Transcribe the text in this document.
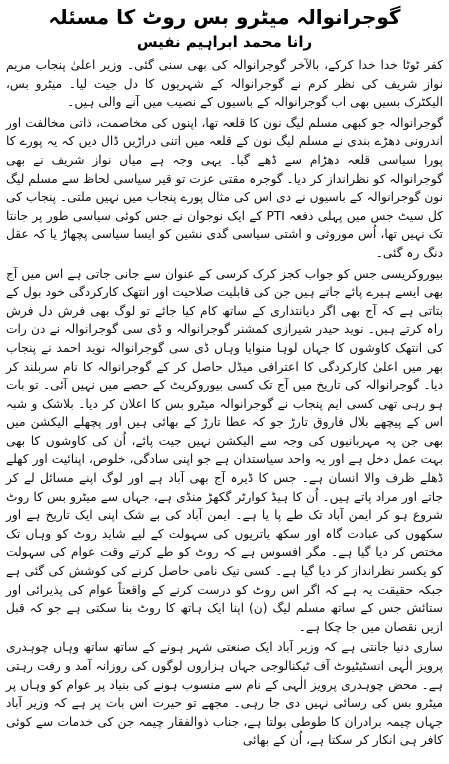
گوجرانوالہ میٹرو بس روٹ کا مسئلہ
رانا محمد ابراہیم نفیس

کفر ٹوٹا خدا خدا کرکے، بالآخر گوجرانوالہ کی بھی سنی گئی۔ وزیر اعلیٰ پنجاب مریم نواز شریف کی نظر کرم نے گوجرانوالہ کے شہریوں کا دل جیت لیا۔ میٹرو بس، الیکٹرک بسیں بھی اب گوجرانوالہ کے باسیوں کے نصیب میں آنے والی ہیں۔

گوجرانوالہ جو کبھی مسلم لیگ نون کا قلعہ تھا، اپنوں کی مخاصمت، ذاتی مخالفت اور اندرونی دھڑے بندی نے مسلم لیگ نون کے قلعہ میں اتنی دراڑیں ڈال دیں کہ یہ پورے کا پورا سیاسی قلعہ دھڑام سے ڈھے گیا۔ یہی وجہ ہے میاں نواز شریف نے بھی گوجرانوالہ کو نظرانداز کر دیا۔ گوجرہ مقتی عزت تو قیر سیاسی لحاظ سے مسلم لیگ نون گوجرانوالہ کے باسیوں نے دی اس کی مثال پورے پنجاب میں نہیں ملتی۔ پنجاب کی کل سیٹ جس میں پہلی دفعہ PTI کے ایک نوجوان نے جس کوئی سیاسی طور پر جانتا تک نہیں تھا، اُس موروثی و اشتی سیاسی گدی نشین کو ایسا سیاسی پچھاڑ یا کہ عقل دنگ رہ گئی۔

بیوروکریسی جس کو جواب کجز کرک کرسی کے عنوان سے جانی جاتی ہے اس میں آج بھی ایسے ہیرے پائے جاتے ہیں جن کی قابلیت صلاحیت اور انتھک کارکردگی خود بول کے بتاتی ہے کہ آج بھی اگر دیانتداری کے ساتھ کام کیا جائے تو لوگ بھی فرش دل فرش راہ کرتے ہیں۔ نوید حیدر شیرازی کمشنر گوجرانوالہ و ڈی سی گوجرانوالہ نے دن رات کی انتھک کاوشوں کا جہاں لوہا منوایا وہاں ڈی سی گوجرانوالہ نوید احمد نے پنجاب بھر میں اعلیٰ کارکردگی کا اعترافی میڈل حاصل کر کے گوجرانوالہ کا نام سربلند کر دیا۔ گوجرانوالہ کی تاریخ میں آج تک کسی بیوروکریٹ کے حصے میں نہیں آئی۔ تو بات ہو رہی تھی کسی ایم پنجاب نے گوجرانوالہ میٹرو بس کا اعلان کر دیا۔ بلاشک و شبہ اس کے پیچھے بلال فاروق تارڑ جو کہ عطا تارڑ کے بھائی ہیں اور پچھلے الیکشن میں بھی جن پہ مہربانیوں کی وجہ سے الیکشن نہیں جیت پائے، اُن کی کاوشوں کا بھی بہت عمل دخل ہے اور یہ واحد سیاستدان ہے جو اپنی سادگی، خلوص، اپنائیت اور کھلے ڈھلے ظرف والا انسان ہے۔ جس کا ڈیرہ آج بھی آباد ہے اور لوگ اپنے مسائل لے کر جاتے اور مراد پاتے ہیں۔ اُن کا ہیڈ کوارٹر گکھڑ منڈی ہے، جہاں سے میٹرو بس کا روٹ شروع ہو کر ایمن آباد تک طے پا یا ہے۔ ایمن آباد کی بے شک اپنی ایک تاریخ ہے اور سکھوں کی عبادت گاہ اور سکھ یاتریوں کی سہولت کے لیے شاید روٹ کو وہاں تک مختص کر دیا گیا ہے۔ مگر افسوس ہے کہ روٹ کو طے کرتے وقت عوام کی سہولت کو یکسر نظرانداز کر دیا گیا ہے۔ کسی نیک نامی حاصل کرنے کی کوشش کی گئی ہے جبکہ حقیقت یہ ہے کہ اگر اس روٹ کو درست کرنے کے واقعتاً عوام کی پذیرائی اور ستائش جس کے ساتھ مسلم لیگ (ن) اپنا ایک ہاتھ کا روٹ بنا سکتی ہے جو کہ قبل ازیں نقصان میں جا چکا ہے۔

ساری دنیا جانتی ہے کہ وزیر آباد ایک صنعتی شہر ہونے کے ساتھ ساتھ وہاں چوہدری پرویز الٰہی انسٹیٹیوٹ آف ٹیکنالوجی جہاں ہزاروں لوگوں کی روزانہ آمد و رفت رہتی ہے۔ محض چوہدری پرویز الٰہی کے نام سے منسوب ہونے کی بنیاد پر عوام کو وہاں پر میٹرو بس کی رسائی نہیں دی جا رہی۔ مجھے تو حیرت اس بات پر ہے کہ وزیر آباد جہاں چیمہ برادران کا طوطی بولتا ہے، جناب ذوالفقار چیمہ جن کی خدمات سے کوئی کافر ہی انکار کر سکتا ہے، اُن کے بھائی
